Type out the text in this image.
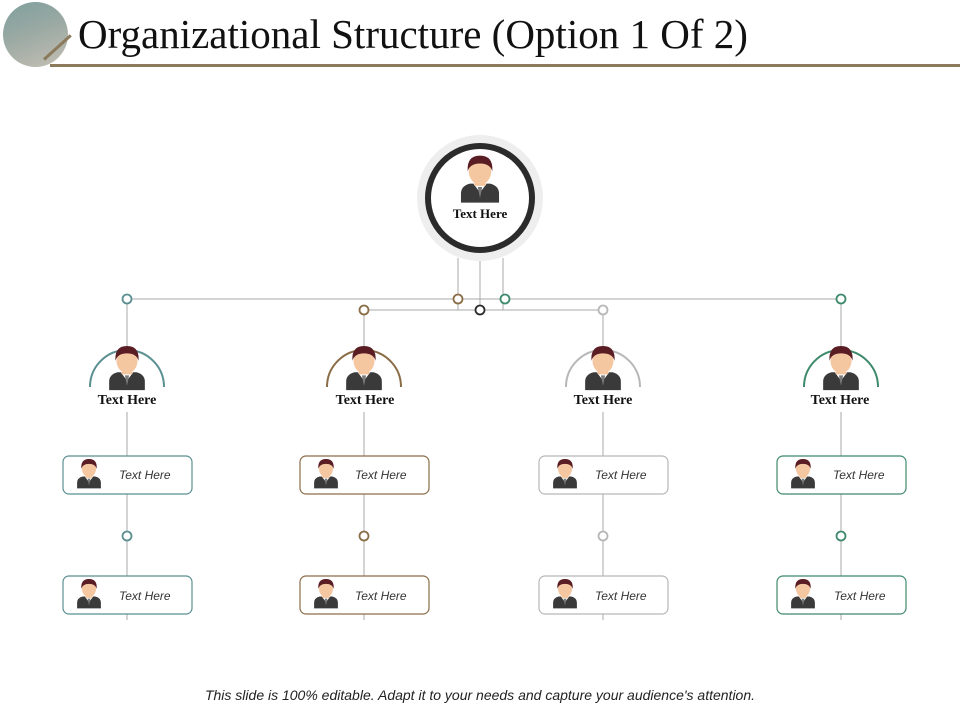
Organizational Structure (Option 1 Of 2)
Text Here
Text Here	Text Here	Text Here	Text Here
Text Here
Text Here
Text Here
Text Here
Text Here
Text Here
Text Here
Text Here
This slide is 100% editable. Adapt it to your needs and capture your audience's attention.
